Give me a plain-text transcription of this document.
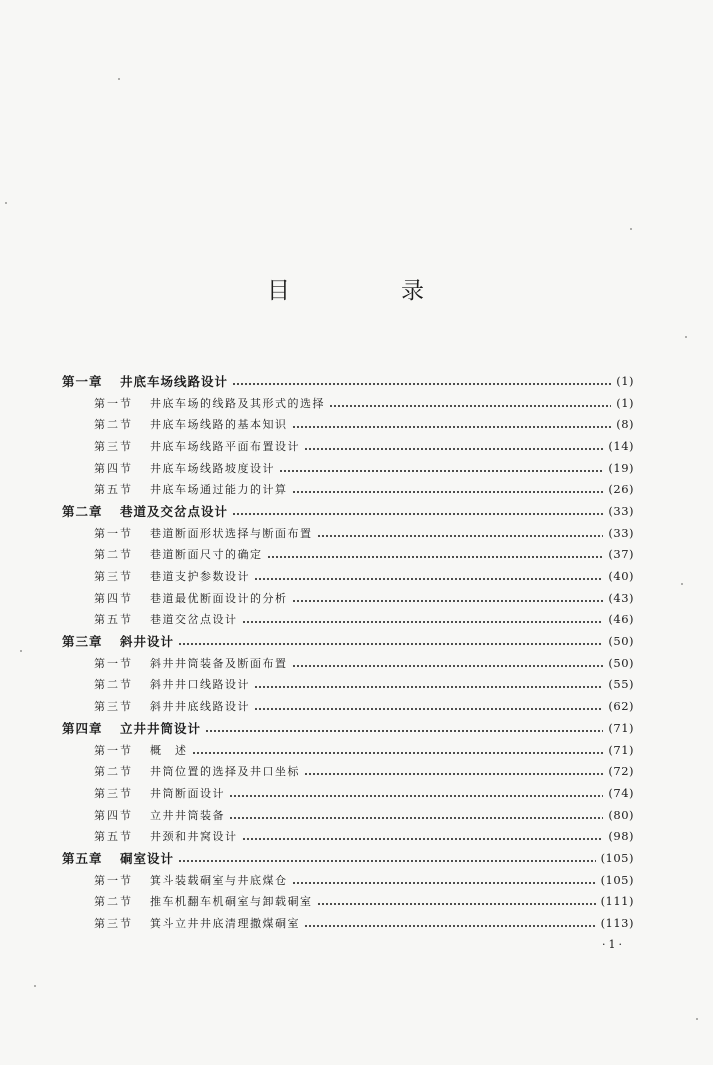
目　录
第一章	井底车场线路设计	(1)
第一节	井底车场的线路及其形式的选择	(1)
第二节	井底车场线路的基本知识	(8)
第三节	井底车场线路平面布置设计	(14)
第四节	井底车场线路坡度设计	(19)
第五节	井底车场通过能力的计算	(26)
第二章	巷道及交岔点设计	(33)
第一节	巷道断面形状选择与断面布置	(33)
第二节	巷道断面尺寸的确定	(37)
第三节	巷道支护参数设计	(40)
第四节	巷道最优断面设计的分析	(43)
第五节	巷道交岔点设计	(46)
第三章	斜井设计	(50)
第一节	斜井井筒装备及断面布置	(50)
第二节	斜井井口线路设计	(55)
第三节	斜井井底线路设计	(62)
第四章	立井井筒设计	(71)
第一节	概　述	(71)
第二节	井筒位置的选择及井口坐标	(72)
第三节	井筒断面设计	(74)
第四节	立井井筒装备	(80)
第五节	井颈和井窝设计	(98)
第五章	硐室设计	(105)
第一节	箕斗装载硐室与井底煤仓	(105)
第二节	推车机翻车机硐室与卸载硐室	(111)
第三节	箕斗立井井底清理撒煤硐室	(113)
·1·
